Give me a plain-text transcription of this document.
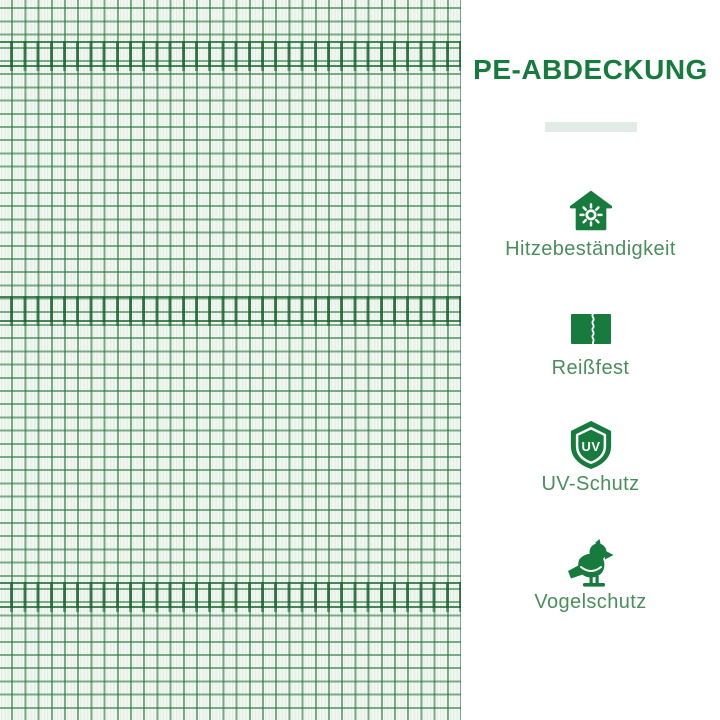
PE-ABDECKUNG
Hitzebeständigkeit
Reißfest
UV
UV-Schutz
Vogelschutz
